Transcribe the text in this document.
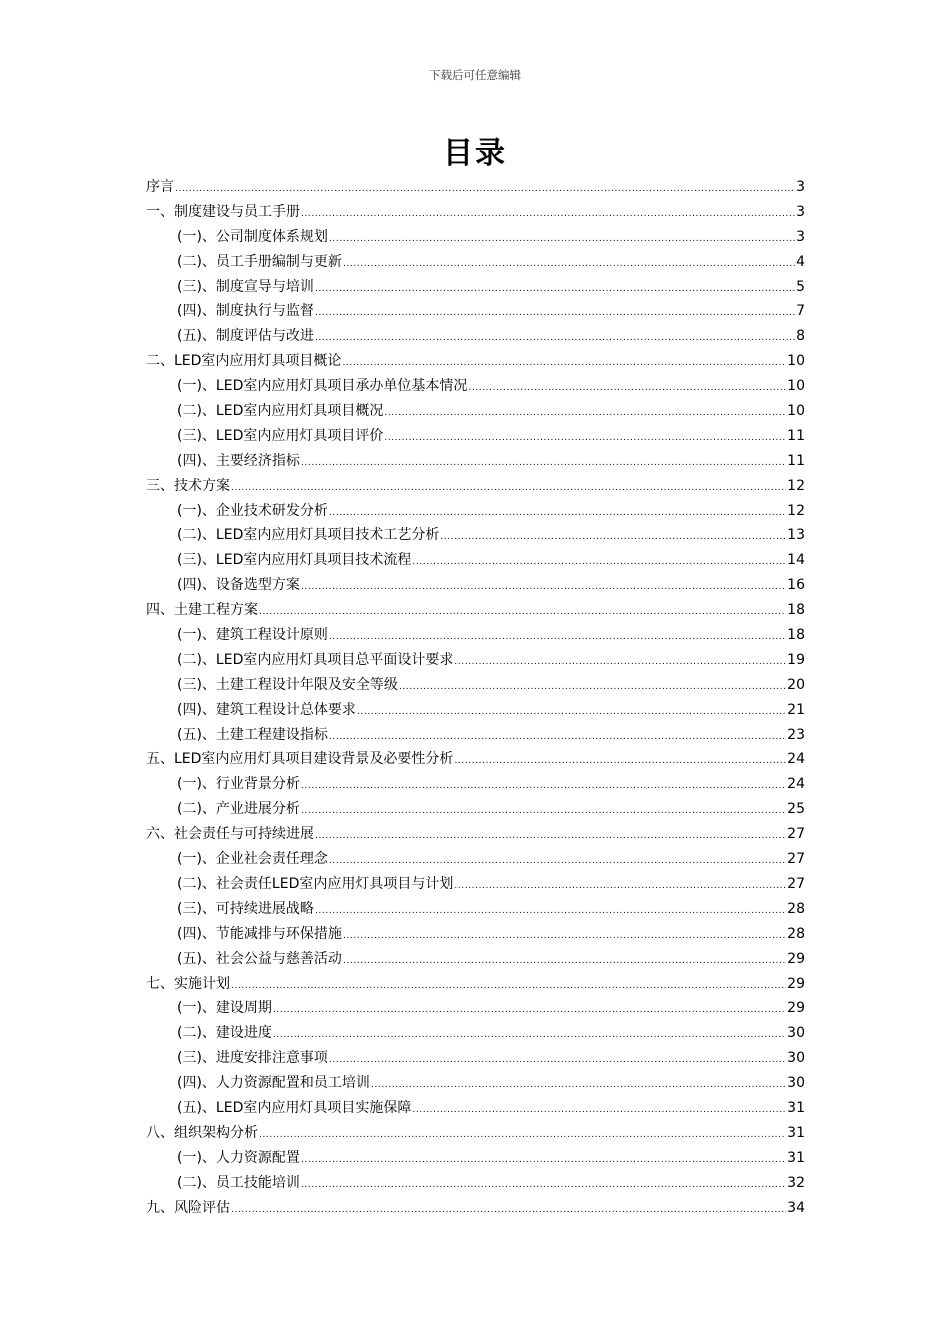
下载后可任意编辑
目录
序言 .....	3
一、制度建设与员工手册 .....	3
(一)、公司制度体系规划 .....	3
(二)、员工手册编制与更新 .....	4
(三)、制度宣导与培训 .....	5
(四)、制度执行与监督 .....	7
(五)、制度评估与改进 .....	8
二、LED室内应用灯具项目概论 .....	10
(一)、LED室内应用灯具项目承办单位基本情况 .....	10
(二)、LED室内应用灯具项目概况 .....	10
(三)、LED室内应用灯具项目评价 .....	11
(四)、主要经济指标 .....	11
三、技术方案 .....	12
(一)、企业技术研发分析 .....	12
(二)、LED室内应用灯具项目技术工艺分析 .....	13
(三)、LED室内应用灯具项目技术流程 .....	14
(四)、设备选型方案 .....	16
四、土建工程方案 .....	18
(一)、建筑工程设计原则 .....	18
(二)、LED室内应用灯具项目总平面设计要求 .....	19
(三)、土建工程设计年限及安全等级 .....	20
(四)、建筑工程设计总体要求 .....	21
(五)、土建工程建设指标 .....	23
五、LED室内应用灯具项目建设背景及必要性分析 .....	24
(一)、行业背景分析 .....	24
(二)、产业进展分析 .....	25
六、社会责任与可持续进展 .....	27
(一)、企业社会责任理念 .....	27
(二)、社会责任LED室内应用灯具项目与计划 .....	27
(三)、可持续进展战略 .....	28
(四)、节能减排与环保措施 .....	28
(五)、社会公益与慈善活动 .....	29
七、实施计划 .....	29
(一)、建设周期 .....	29
(二)、建设进度 .....	30
(三)、进度安排注意事项 .....	30
(四)、人力资源配置和员工培训 .....	30
(五)、LED室内应用灯具项目实施保障 .....	31
八、组织架构分析 .....	31
(一)、人力资源配置 .....	31
(二)、员工技能培训 .....	32
九、风险评估 .....	34
